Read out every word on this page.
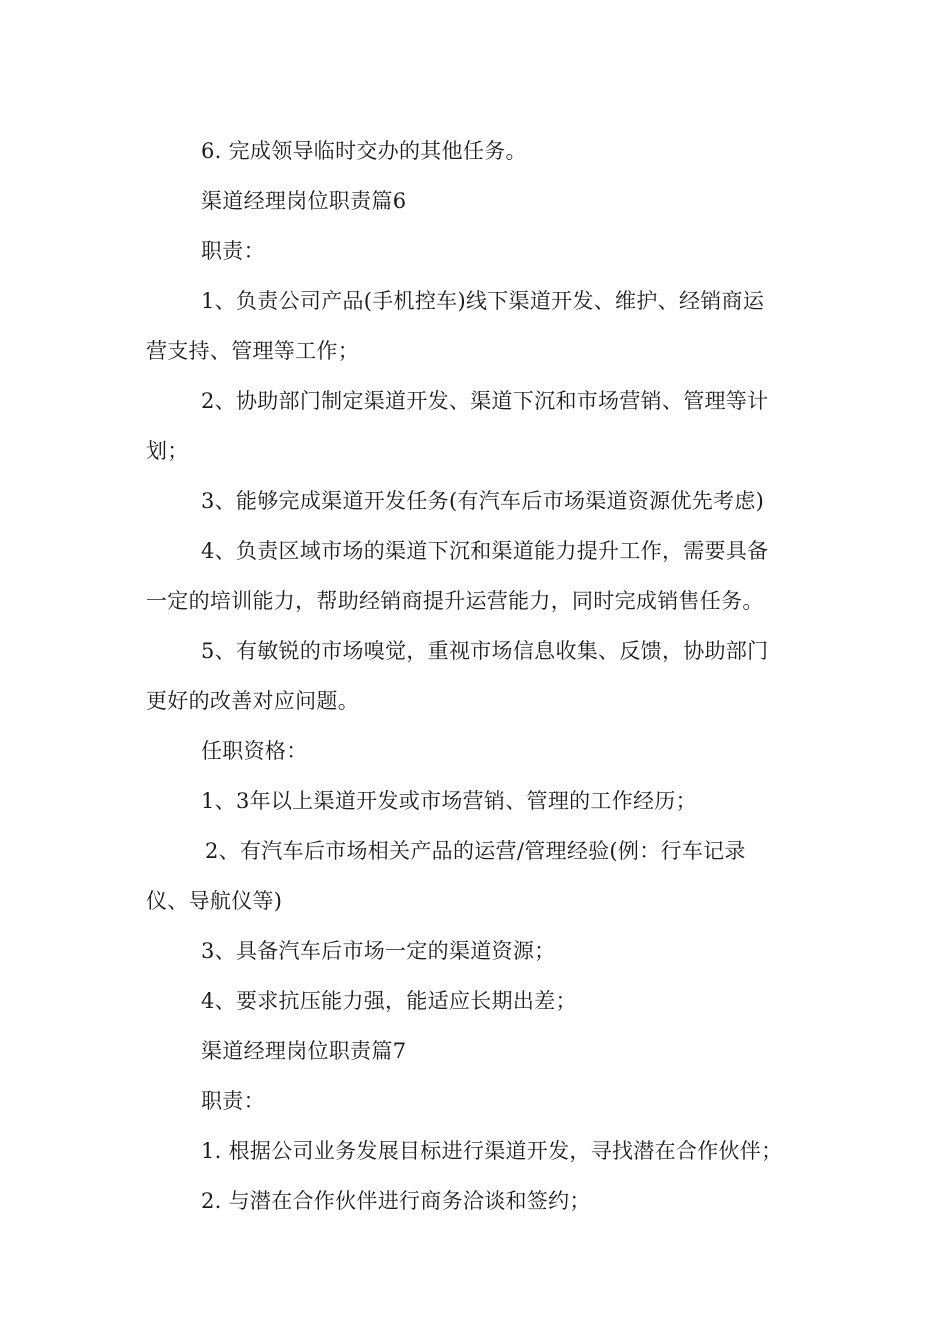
6. 完成领导临时交办的其他任务。
渠道经理岗位职责篇6
职责：
1、负责公司产品(手机控车)线下渠道开发、维护、经销商运
营支持、管理等工作；
2、协助部门制定渠道开发、渠道下沉和市场营销、管理等计
划；
3、能够完成渠道开发任务(有汽车后市场渠道资源优先考虑)
4、负责区域市场的渠道下沉和渠道能力提升工作，需要具备
一定的培训能力，帮助经销商提升运营能力，同时完成销售任务。
5、有敏锐的市场嗅觉，重视市场信息收集、反馈，协助部门
更好的改善对应问题。
任职资格：
1、3年以上渠道开发或市场营销、管理的工作经历；
2、有汽车后市场相关产品的运营/管理经验(例：行车记录
仪、导航仪等)
3、具备汽车后市场一定的渠道资源；
4、要求抗压能力强，能适应长期出差；
渠道经理岗位职责篇7
职责：
1. 根据公司业务发展目标进行渠道开发，寻找潜在合作伙伴；
2. 与潜在合作伙伴进行商务洽谈和签约；
